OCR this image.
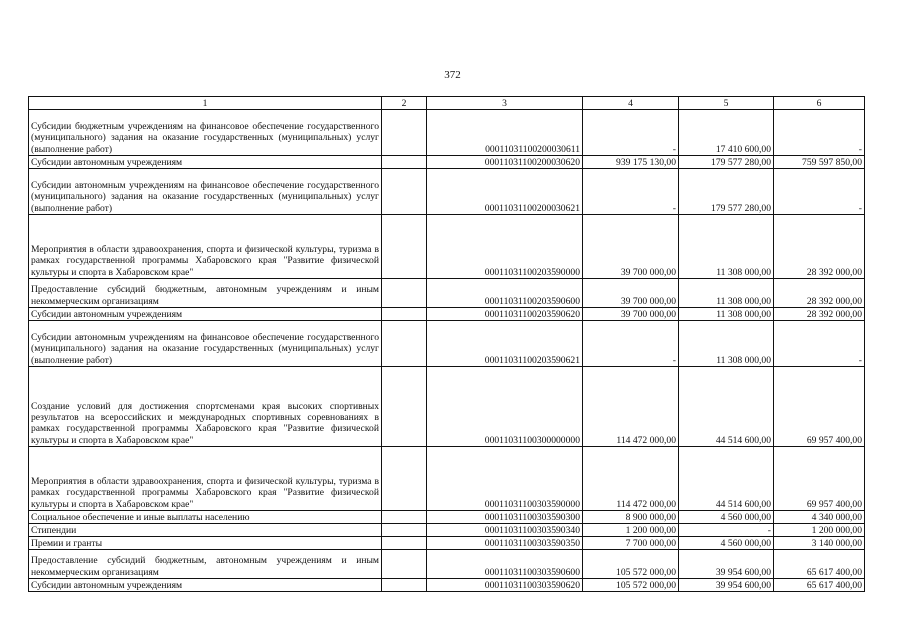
372
1	2	3	4	5	6
Субсидии бюджетным учреждениям на финансовое обеспечение государственного (муниципального) задания на оказание государственных (муниципальных) услуг (выполнение работ)		00011031100200030611	-	17 410 600,00	-
Субсидии автономным учреждениям		00011031100200030620	939 175 130,00	179 577 280,00	759 597 850,00
Субсидии автономным учреждениям на финансовое обеспечение государственного (муниципального) задания на оказание государственных (муниципальных) услуг (выполнение работ)		00011031100200030621	-	179 577 280,00	-
Мероприятия в области здравоохранения, спорта и физической культуры, туризма в рамках государственной программы Хабаровского края "Развитие физической культуры и спорта в Хабаровском крае"		00011031100203590000	39 700 000,00	11 308 000,00	28 392 000,00
Предоставление субсидий бюджетным, автономным учреждениям и иным некоммерческим организациям		00011031100203590600	39 700 000,00	11 308 000,00	28 392 000,00
Субсидии автономным учреждениям		00011031100203590620	39 700 000,00	11 308 000,00	28 392 000,00
Субсидии автономным учреждениям на финансовое обеспечение государственного (муниципального) задания на оказание государственных (муниципальных) услуг (выполнение работ)		00011031100203590621	-	11 308 000,00	-
Создание условий для достижения спортсменами края высоких спортивных результатов на всероссийских и международных спортивных соревнованиях в рамках государственной программы Хабаровского края "Развитие физической культуры и спорта в Хабаровском крае"		00011031100300000000	114 472 000,00	44 514 600,00	69 957 400,00
Мероприятия в области здравоохранения, спорта и физической культуры, туризма в рамках государственной программы Хабаровского края "Развитие физической культуры и спорта в Хабаровском крае"		00011031100303590000	114 472 000,00	44 514 600,00	69 957 400,00
Социальное обеспечение и иные выплаты населению		00011031100303590300	8 900 000,00	4 560 000,00	4 340 000,00
Стипендии		00011031100303590340	1 200 000,00	-	1 200 000,00
Премии и гранты		00011031100303590350	7 700 000,00	4 560 000,00	3 140 000,00
Предоставление субсидий бюджетным, автономным учреждениям и иным некоммерческим организациям		00011031100303590600	105 572 000,00	39 954 600,00	65 617 400,00
Субсидии автономным учреждениям		00011031100303590620	105 572 000,00	39 954 600,00	65 617 400,00
